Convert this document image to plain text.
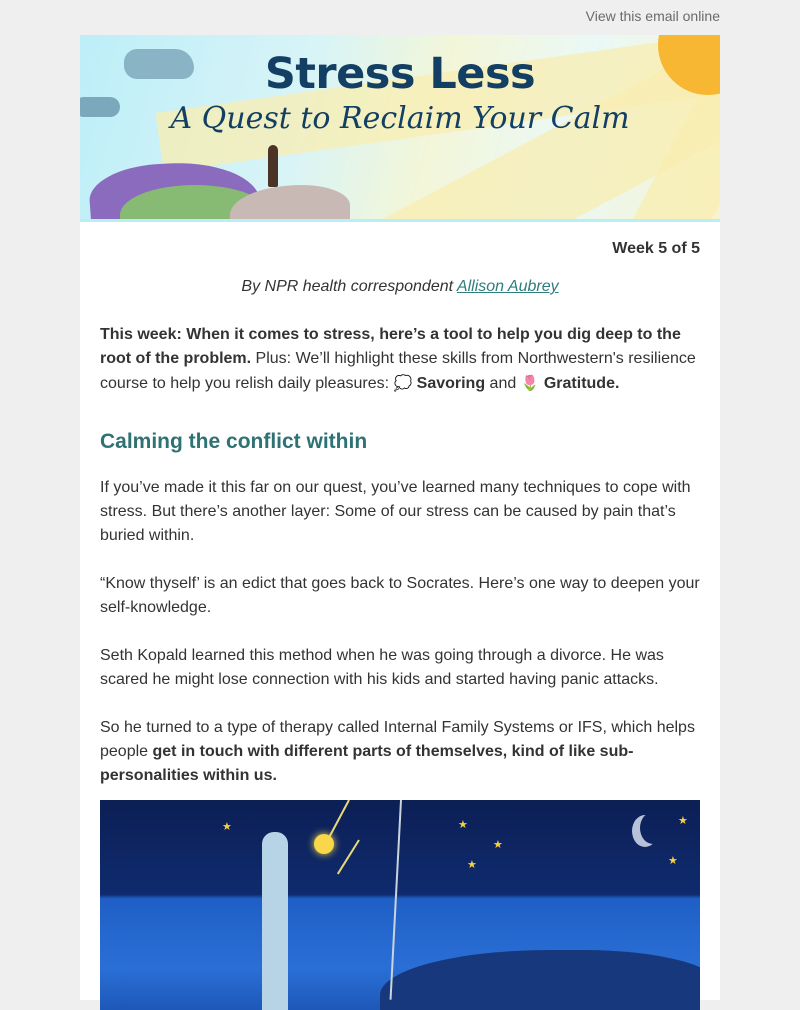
View this email online
Stress Less
A Quest to Reclaim Your Calm
Week 5 of 5
By NPR health correspondent Allison Aubrey

This week: When it comes to stress, here’s a tool to help you dig deep to the root of the problem. Plus: We’ll highlight these skills from Northwestern's resilience course to help you relish daily pleasures: 💭 Savoring and 🌷 Gratitude.

Calming the conflict within

If you’ve made it this far on our quest, you’ve learned many techniques to cope with stress. But there’s another layer: Some of our stress can be caused by pain that’s buried within.

“Know thyself’ is an edict that goes back to Socrates. Here’s one way to deepen your self-knowledge.

Seth Kopald learned this method when he was going through a divorce. He was scared he might lose connection with his kids and started having panic attacks.

So he turned to a type of therapy called Internal Family Systems or IFS, which helps people get in touch with different parts of themselves, kind of like sub-personalities within us.

★	★
★
★	★
★
